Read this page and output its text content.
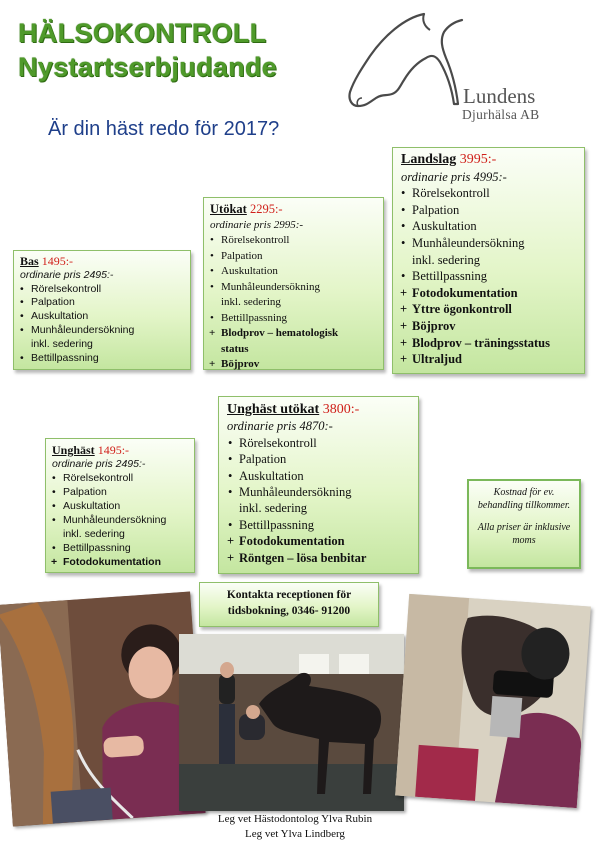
HÄLSOKONTROLL
Nystartserbjudande
Är din häst redo för 2017?
Lundens
Djurhälsa AB
Bas 1495:-
ordinarie pris 2495:-
• Rörelsekontroll
• Palpation
• Auskultation
• Munhåleundersökning
inkl. sedering
• Bettillpassning
Utökat 2295:-
ordinarie pris 2995:-
• Rörelsekontroll
• Palpation
• Auskultation
• Munhåleundersökning
inkl. sedering
• Bettillpassning
+ Blodprov – hematologisk
status
+ Böjprov
Landslag 3995:-
ordinarie pris 4995:-
• Rörelsekontroll
• Palpation
• Auskultation
• Munhåleundersökning
inkl. sedering
• Bettillpassning
+ Fotodokumentation
+ Yttre ögonkontroll
+ Böjprov
+ Blodprov – träningsstatus
+ Ultraljud
Unghäst 1495:-
ordinarie pris 2495:-
• Rörelsekontroll
• Palpation
• Auskultation
• Munhåleundersökning
inkl. sedering
• Bettillpassning
+ Fotodokumentation
Unghäst utökat 3800:-
ordinarie pris 4870:-
• Rörelsekontroll
• Palpation
• Auskultation
• Munhåleundersökning
inkl. sedering
• Bettillpassning
+ Fotodokumentation
+ Röntgen – lösa benbitar
Kontakta receptionen för
tidsbokning, 0346- 91200
Kostnad för ev. behandling tillkommer.
Alla priser är inklusive moms
Leg vet Hästodontolog Ylva Rubin
Leg vet Ylva Lindberg
